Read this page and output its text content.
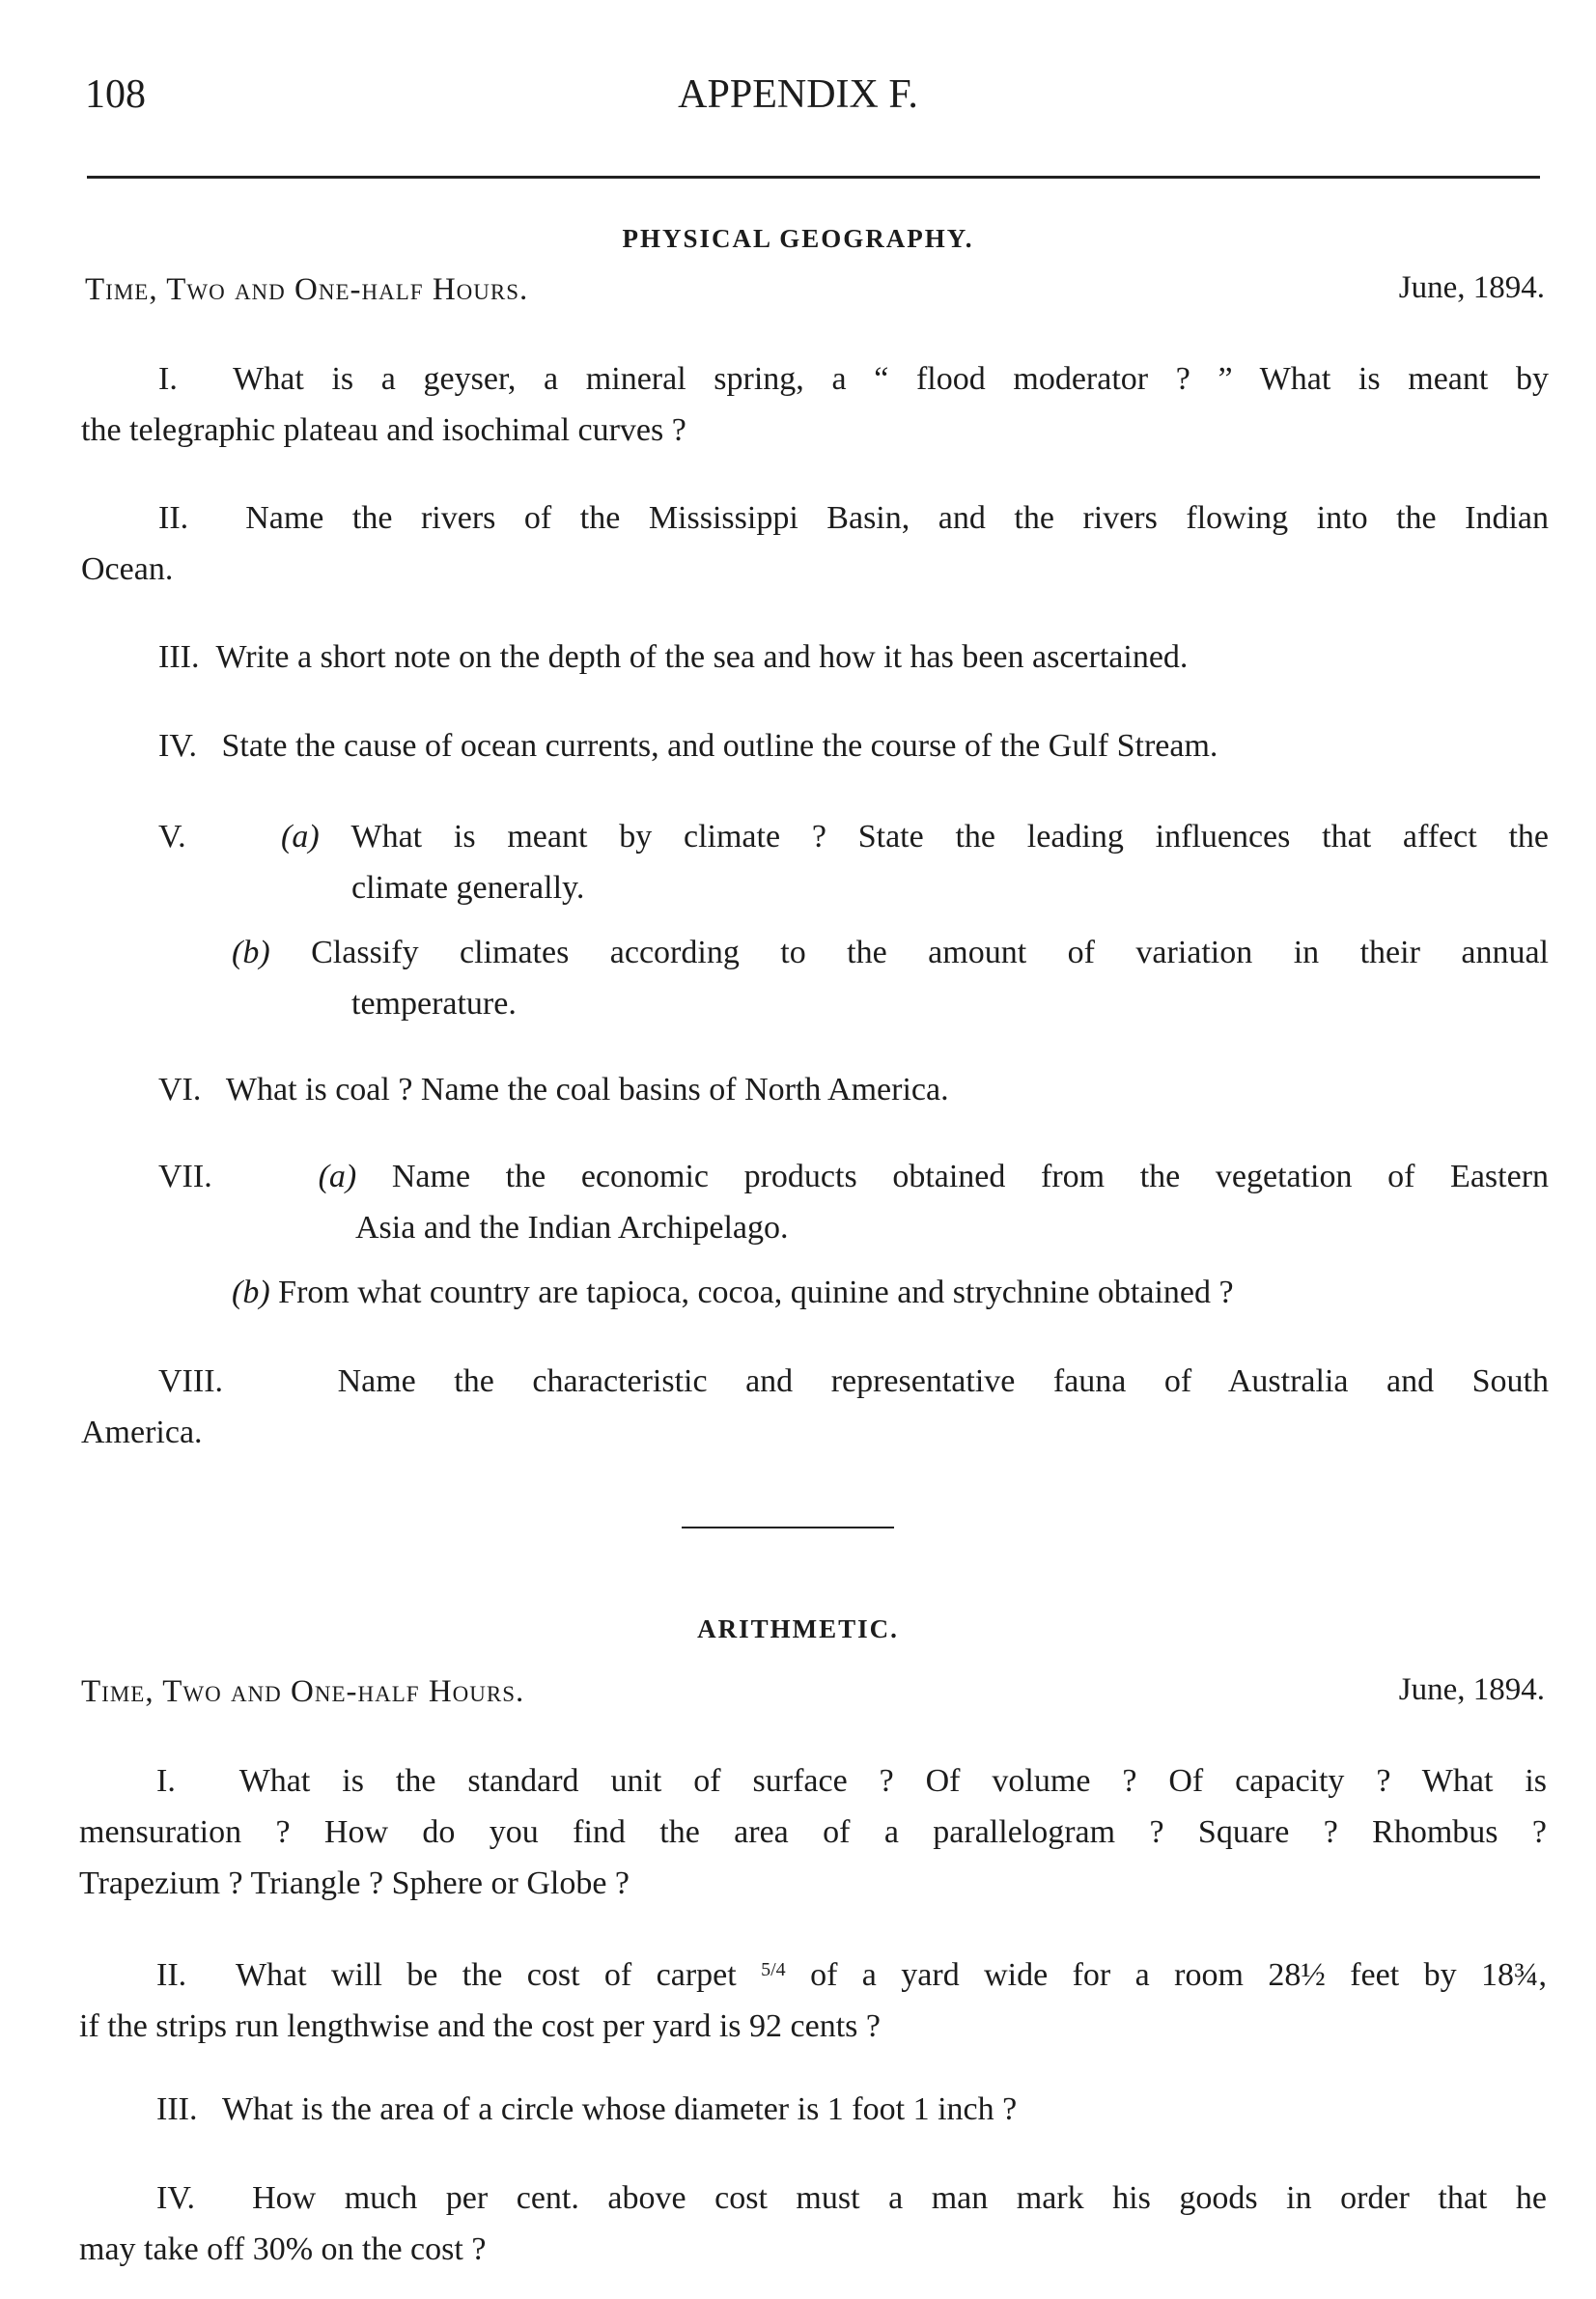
108	APPENDIX F.
PHYSICAL GEOGRAPHY.
Time, Two and One-half Hours.	June, 1894.

I. What is a geyser, a mineral spring, a “ flood moderator ? ” What is meant by

the telegraphic plateau and isochimal curves ?

II. Name the rivers of the Mississippi Basin, and the rivers flowing into the Indian

Ocean.

III. Write a short note on the depth of the sea and how it has been ascertained.

IV. State the cause of ocean currents, and outline the course of the Gulf Stream.

V.	(a) What is meant by climate ? State the leading influences that affect the

climate generally.

(b) Classify climates according to the amount of variation in their annual

temperature.

VI. What is coal ? Name the coal basins of North America.

VII.	(a) Name the economic products obtained from the vegetation of Eastern

Asia and the Indian Archipelago.

(b) From what country are tapioca, cocoa, quinine and strychnine obtained ?

VIII.	Name the characteristic and representative fauna of Australia and South

America.

ARITHMETIC.
Time, Two and One-half Hours.	June, 1894.

I. What is the standard unit of surface ? Of volume ? Of capacity ? What is

mensuration ? How do you find the area of a parallelogram ? Square ? Rhombus ?

Trapezium ? Triangle ? Sphere or Globe ?

II. What will be the cost of carpet $^{5/4}$ of a yard wide for a room 28½ feet by 18¾,

if the strips run lengthwise and the cost per yard is 92 cents ?

III. What is the area of a circle whose diameter is 1 foot 1 inch ?

IV. How much per cent. above cost must a man mark his goods in order that he

may take off 30% on the cost ?
